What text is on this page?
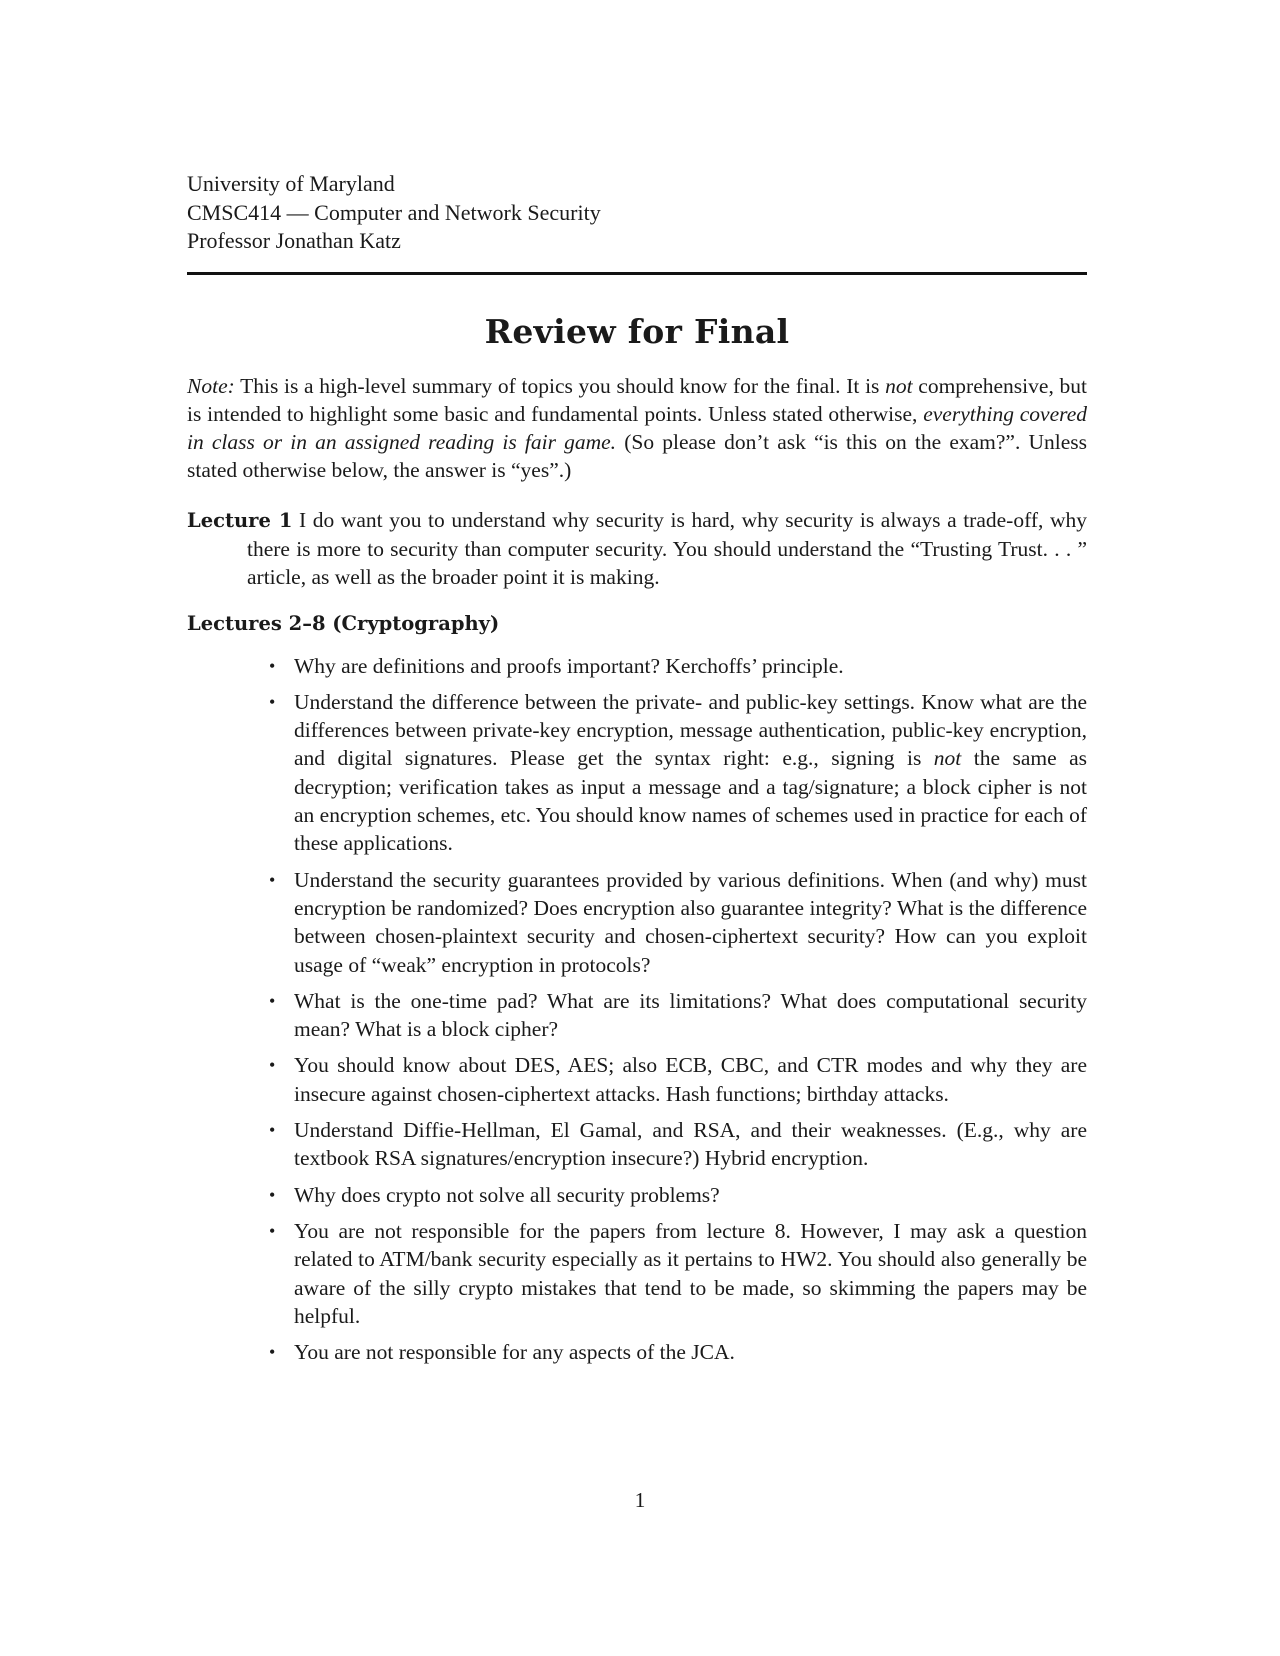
University of Maryland
CMSC414 — Computer and Network Security
Professor Jonathan Katz
Review for Final

Note: This is a high-level summary of topics you should know for the final. It is not comprehensive, but is intended to highlight some basic and fundamental points. Unless stated otherwise, everything covered in class or in an assigned reading is fair game. (So please don’t ask “is this on the exam?”. Unless stated otherwise below, the answer is “yes”.)

Lecture 1 I do want you to understand why security is hard, why security is always a trade-off, why there is more to security than computer security. You should understand the “Trusting Trust. . . ” article, as well as the broader point it is making.

Lectures 2–8 (Cryptography)
• Why are definitions and proofs important? Kerchoffs’ principle.
• Understand the difference between the private- and public-key settings. Know what are the differences between private-key encryption, message authentication, public-key encryption, and digital signatures. Please get the syntax right: e.g., signing is not the same as decryption; verification takes as input a message and a tag/signature; a block cipher is not an encryption schemes, etc. You should know names of schemes used in practice for each of these applications.
• Understand the security guarantees provided by various definitions. When (and why) must encryption be randomized? Does encryption also guarantee integrity? What is the difference between chosen-plaintext security and chosen-ciphertext security? How can you exploit usage of “weak” encryption in protocols?
• What is the one-time pad? What are its limitations? What does computational security mean? What is a block cipher?
• You should know about DES, AES; also ECB, CBC, and CTR modes and why they are insecure against chosen-ciphertext attacks. Hash functions; birthday attacks.
• Understand Diffie-Hellman, El Gamal, and RSA, and their weaknesses. (E.g., why are textbook RSA signatures/encryption insecure?) Hybrid encryption.
• Why does crypto not solve all security problems?
• You are not responsible for the papers from lecture 8. However, I may ask a question related to ATM/bank security especially as it pertains to HW2. You should also generally be aware of the silly crypto mistakes that tend to be made, so skimming the papers may be helpful.
• You are not responsible for any aspects of the JCA.
1
